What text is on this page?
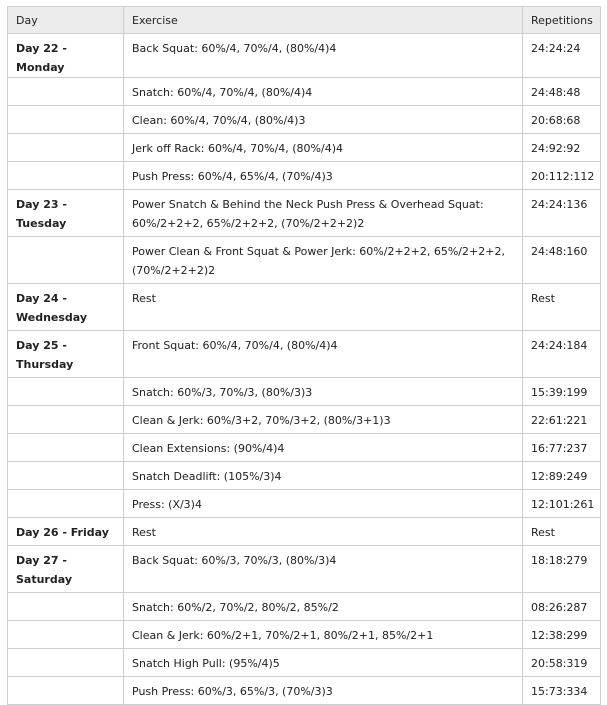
Day	Exercise	Repetitions
Day 22 - Monday	Back Squat: 60%/4, 70%/4, (80%/4)4	24:24:24
	Snatch: 60%/4, 70%/4, (80%/4)4	24:48:48
	Clean: 60%/4, 70%/4, (80%/4)3	20:68:68
	Jerk off Rack: 60%/4, 70%/4, (80%/4)4	24:92:92
	Push Press: 60%/4, 65%/4, (70%/4)3	20:112:112
Day 23 - Tuesday	Power Snatch & Behind the Neck Push Press & Overhead Squat: 60%/2+2+2, 65%/2+2+2, (70%/2+2+2)2	24:24:136
	Power Clean & Front Squat & Power Jerk: 60%/2+2+2, 65%/2+2+2, (70%/2+2+2)2	24:48:160
Day 24 - Wednesday	Rest	Rest
Day 25 - Thursday	Front Squat: 60%/4, 70%/4, (80%/4)4	24:24:184
	Snatch: 60%/3, 70%/3, (80%/3)3	15:39:199
	Clean & Jerk: 60%/3+2, 70%/3+2, (80%/3+1)3	22:61:221
	Clean Extensions: (90%/4)4	16:77:237
	Snatch Deadlift: (105%/3)4	12:89:249
	Press: (X/3)4	12:101:261
Day 26 - Friday	Rest	Rest
Day 27 - Saturday	Back Squat: 60%/3, 70%/3, (80%/3)4	18:18:279
	Snatch: 60%/2, 70%/2, 80%/2, 85%/2	08:26:287
	Clean & Jerk: 60%/2+1, 70%/2+1, 80%/2+1, 85%/2+1	12:38:299
	Snatch High Pull: (95%/4)5	20:58:319
	Push Press: 60%/3, 65%/3, (70%/3)3	15:73:334
